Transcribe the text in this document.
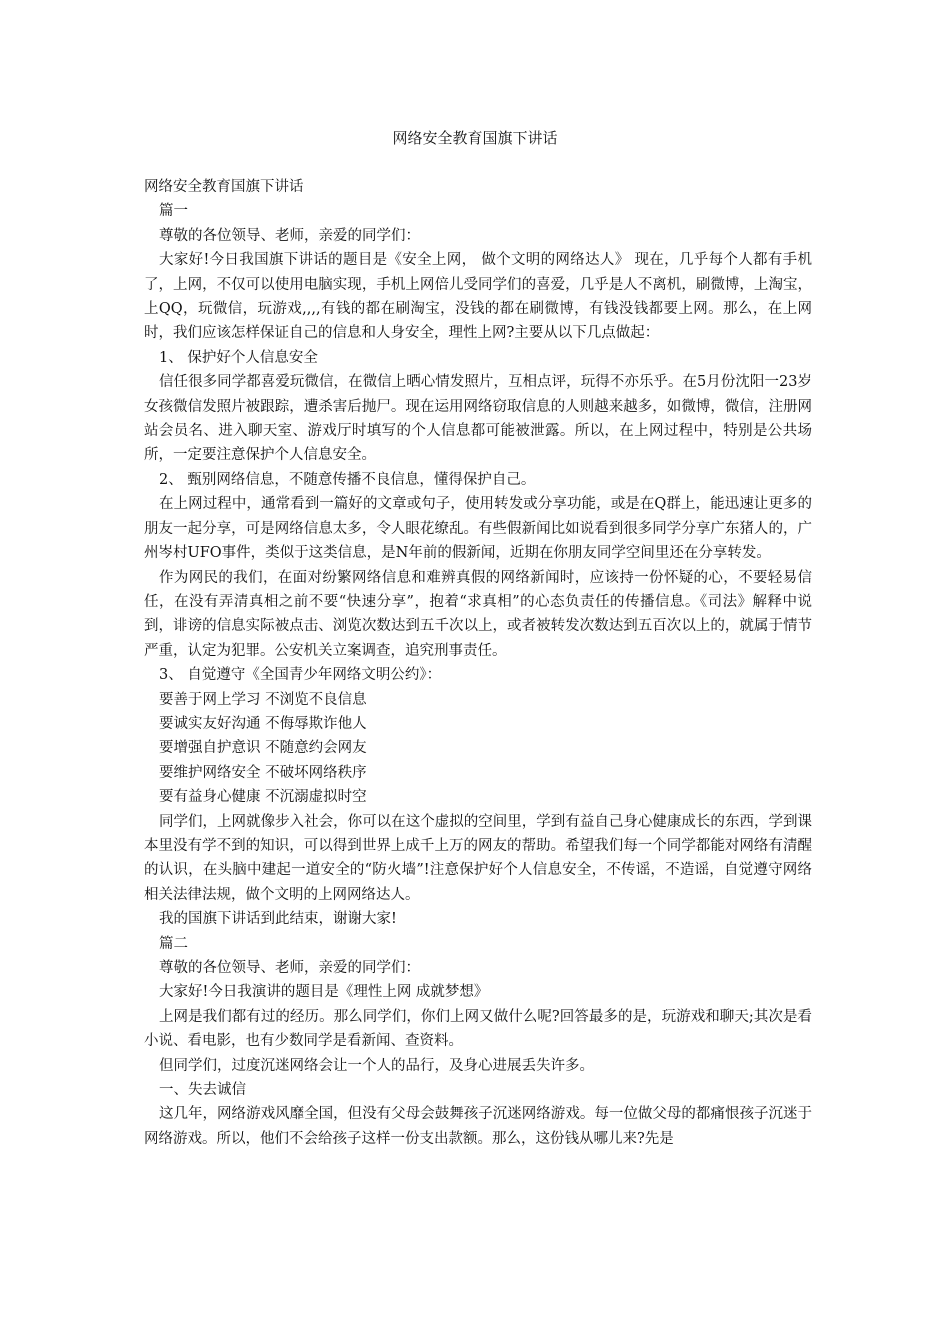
网络安全教育国旗下讲话

网络安全教育国旗下讲话

篇一

尊敬的各位领导、老师，亲爱的同学们：

大家好!今日我国旗下讲话的题目是《安全上网， 做个文明的网络达人》 现在，几乎每个人都有手机了，上网，不仅可以使用电脑实现，手机上网倍儿受同学们的喜爱，几乎是人不离机，刷微博，上淘宝，上QQ，玩微信，玩游戏,,,,有钱的都在刷淘宝，没钱的都在刷微博，有钱没钱都要上网。那么，在上网时，我们应该怎样保证自己的信息和人身安全，理性上网?主要从以下几点做起：

1、 保护好个人信息安全

信任很多同学都喜爱玩微信，在微信上晒心情发照片，互相点评，玩得不亦乐乎。在5月份沈阳一23岁女孩微信发照片被跟踪，遭杀害后抛尸。现在运用网络窃取信息的人则越来越多，如微博，微信，注册网站会员名、进入聊天室、游戏厅时填写的个人信息都可能被泄露。所以，在上网过程中，特别是公共场所，一定要注意保护个人信息安全。

2、 甄别网络信息，不随意传播不良信息，懂得保护自己。

在上网过程中，通常看到一篇好的文章或句子，使用转发或分享功能，或是在Q群上，能迅速让更多的朋友一起分享，可是网络信息太多，令人眼花缭乱。有些假新闻比如说看到很多同学分享广东猪人的，广州岑村UFO事件，类似于这类信息，是N年前的假新闻，近期在你朋友同学空间里还在分享转发。

作为网民的我们，在面对纷繁网络信息和难辨真假的网络新闻时，应该持一份怀疑的心，不要轻易信任，在没有弄清真相之前不要“快速分享”，抱着“求真相”的心态负责任的传播信息。《司法》解释中说到，诽谤的信息实际被点击、浏览次数达到五千次以上，或者被转发次数达到五百次以上的，就属于情节严重，认定为犯罪。公安机关立案调查，追究刑事责任。

3、 自觉遵守《全国青少年网络文明公约》：

要善于网上学习 不浏览不良信息

要诚实友好沟通 不侮辱欺诈他人

要增强自护意识 不随意约会网友

要维护网络安全 不破坏网络秩序

要有益身心健康 不沉溺虚拟时空

同学们，上网就像步入社会，你可以在这个虚拟的空间里，学到有益自己身心健康成长的东西，学到课本里没有学不到的知识，可以得到世界上成千上万的网友的帮助。希望我们每一个同学都能对网络有清醒的认识，在头脑中建起一道安全的“防火墙”!注意保护好个人信息安全，不传谣，不造谣，自觉遵守网络相关法律法规，做个文明的上网网络达人。

我的国旗下讲话到此结束，谢谢大家!

篇二

尊敬的各位领导、老师，亲爱的同学们：

大家好!今日我演讲的题目是《理性上网 成就梦想》

上网是我们都有过的经历。那么同学们，你们上网又做什么呢?回答最多的是，玩游戏和聊天;其次是看小说、看电影，也有少数同学是看新闻、查资料。

但同学们，过度沉迷网络会让一个人的品行，及身心进展丢失许多。

一、失去诚信

这几年，网络游戏风靡全国，但没有父母会鼓舞孩子沉迷网络游戏。每一位做父母的都痛恨孩子沉迷于网络游戏。所以，他们不会给孩子这样一份支出款额。那么，这份钱从哪儿来?先是
